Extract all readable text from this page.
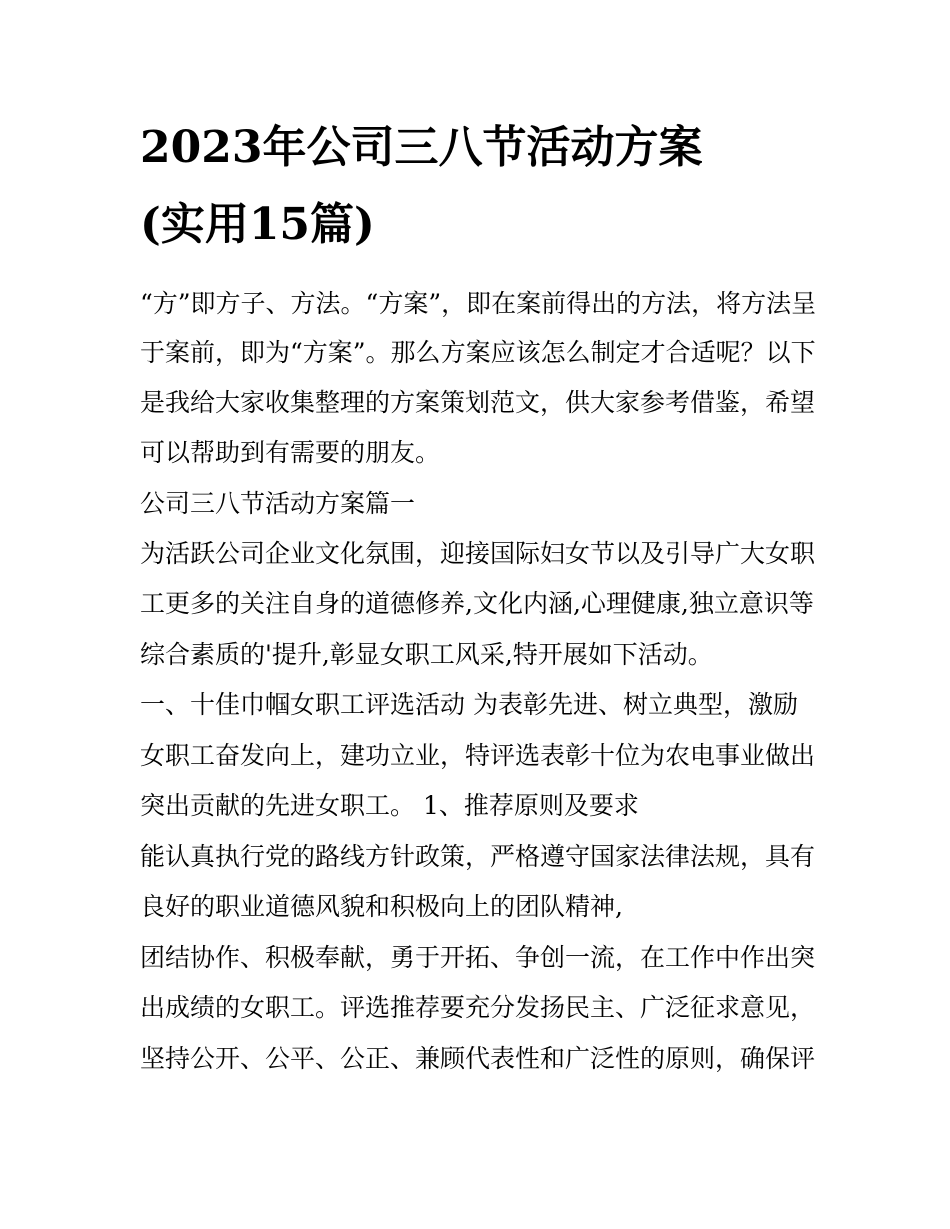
2023年公司三八节活动方案
(实用15篇)
“方”即方子、方法。“方案”，即在案前得出的方法，将方法呈
于案前，即为“方案”。那么方案应该怎么制定才合适呢？以下
是我给大家收集整理的方案策划范文，供大家参考借鉴，希望
可以帮助到有需要的朋友。
公司三八节活动方案篇一
为活跃公司企业文化氛围，迎接国际妇女节以及引导广大女职
工更多的关注自身的道德修养,文化内涵,心理健康,独立意识等
综合素质的'提升,彰显女职工风采,特开展如下活动。
一、十佳巾帼女职工评选活动 为表彰先进、树立典型，激励
女职工奋发向上，建功立业，特评选表彰十位为农电事业做出
突出贡献的先进女职工。 1、推荐原则及要求
能认真执行党的路线方针政策，严格遵守国家法律法规，具有
良好的职业道德风貌和积极向上的团队精神,
团结协作、积极奉献，勇于开拓、争创一流，在工作中作出突
出成绩的女职工。评选推荐要充分发扬民主、广泛征求意见，
坚持公开、公平、公正、兼顾代表性和广泛性的原则，确保评
